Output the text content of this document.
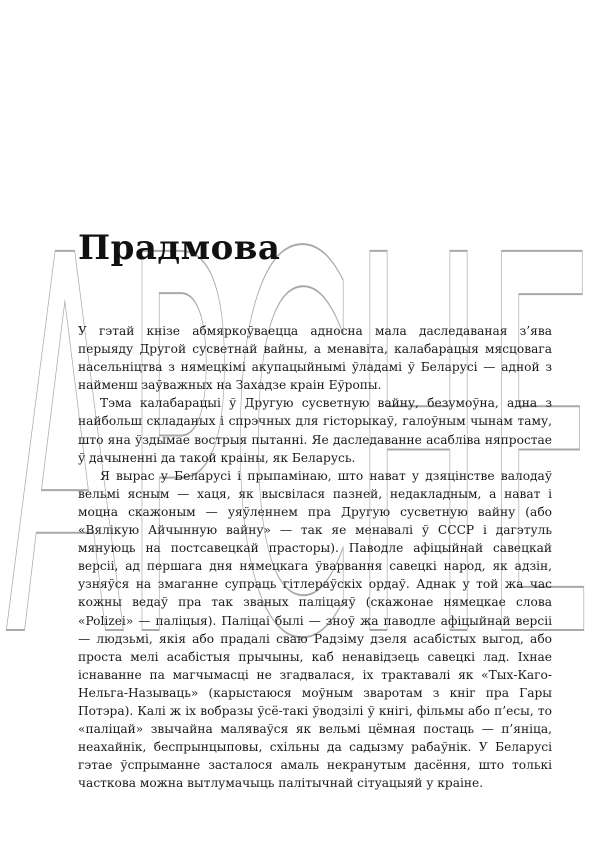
АРСНЕ
Прадмова

У гэтай кнізе абмяркоўваецца адносна мала даследаваная з’ява перыяду Другой сусветнай вайны, а менавіта, калабарацыя мясцовага насельніцтва з нямецкімі акупацыйнымі ўладамі ў Беларусі — адной з найменш заўважных на Захадзе краін Еўропы.

Тэма калабарацыі ў Другую сусветную вайну, безумоўна, адна з найбольш складаных і спрэчных для гісторыкаў, галоўным чынам таму, што яна ўздымае вострыя пытанні. Яе даследаванне асабліва няпростае ў дачыненні да такой краіны, як Беларусь.

Я вырас у Беларусі і прыпамінаю, што нават у дзяцінстве валодаў вельмі ясным — хаця, як высвілася пазней, недакладным, а нават і моцна скажоным — уяўленнем пра Другую сусветную вайну (або «Вялікую Айчынную вайну» — так яе менавалі ў СССР і дагэтуль мянуюць на постсавецкай прасторы). Паводле афіцыйнай савецкай версіі, ад першага дня нямецкага ўварвання савецкі народ, як адзін, узняўся на змаганне супраць гітлераўскіх ордаў. Аднак у той жа час кожны ведаў пра так званых паліцаяў (скажонае нямецкае слова «Polizei» — паліцыя). Паліцаі былі — зноў жа паводле афіцыйнай версіі — людзьмі, якія або прадалі сваю Радзіму дзеля асабістых выгод, або проста мелі асабістыя прычыны, каб ненавідзець савецкі лад. Іхнае існаванне па магчымасці не згадвалася, іх трактавалі як «Тых-Каго-Нельга-Называць» (карыстаюся моўным зваротам з кніг пра Гары Потэра). Калі ж іх вобразы ўсё-такі ўводзілі ў кнігі, фільмы або п’есы, то «паліцай» звычайна малявaўся як вельмі цёмная постаць — п’яніца, неахайнік, беспрынцыповы, схільны да садызму рабаўнік. У Беларусі гэтае ўспрыманне засталося амаль некранутым дасёння, што толькі часткова можна вытлумачыць палітычнай сітуацыяй у краіне.
